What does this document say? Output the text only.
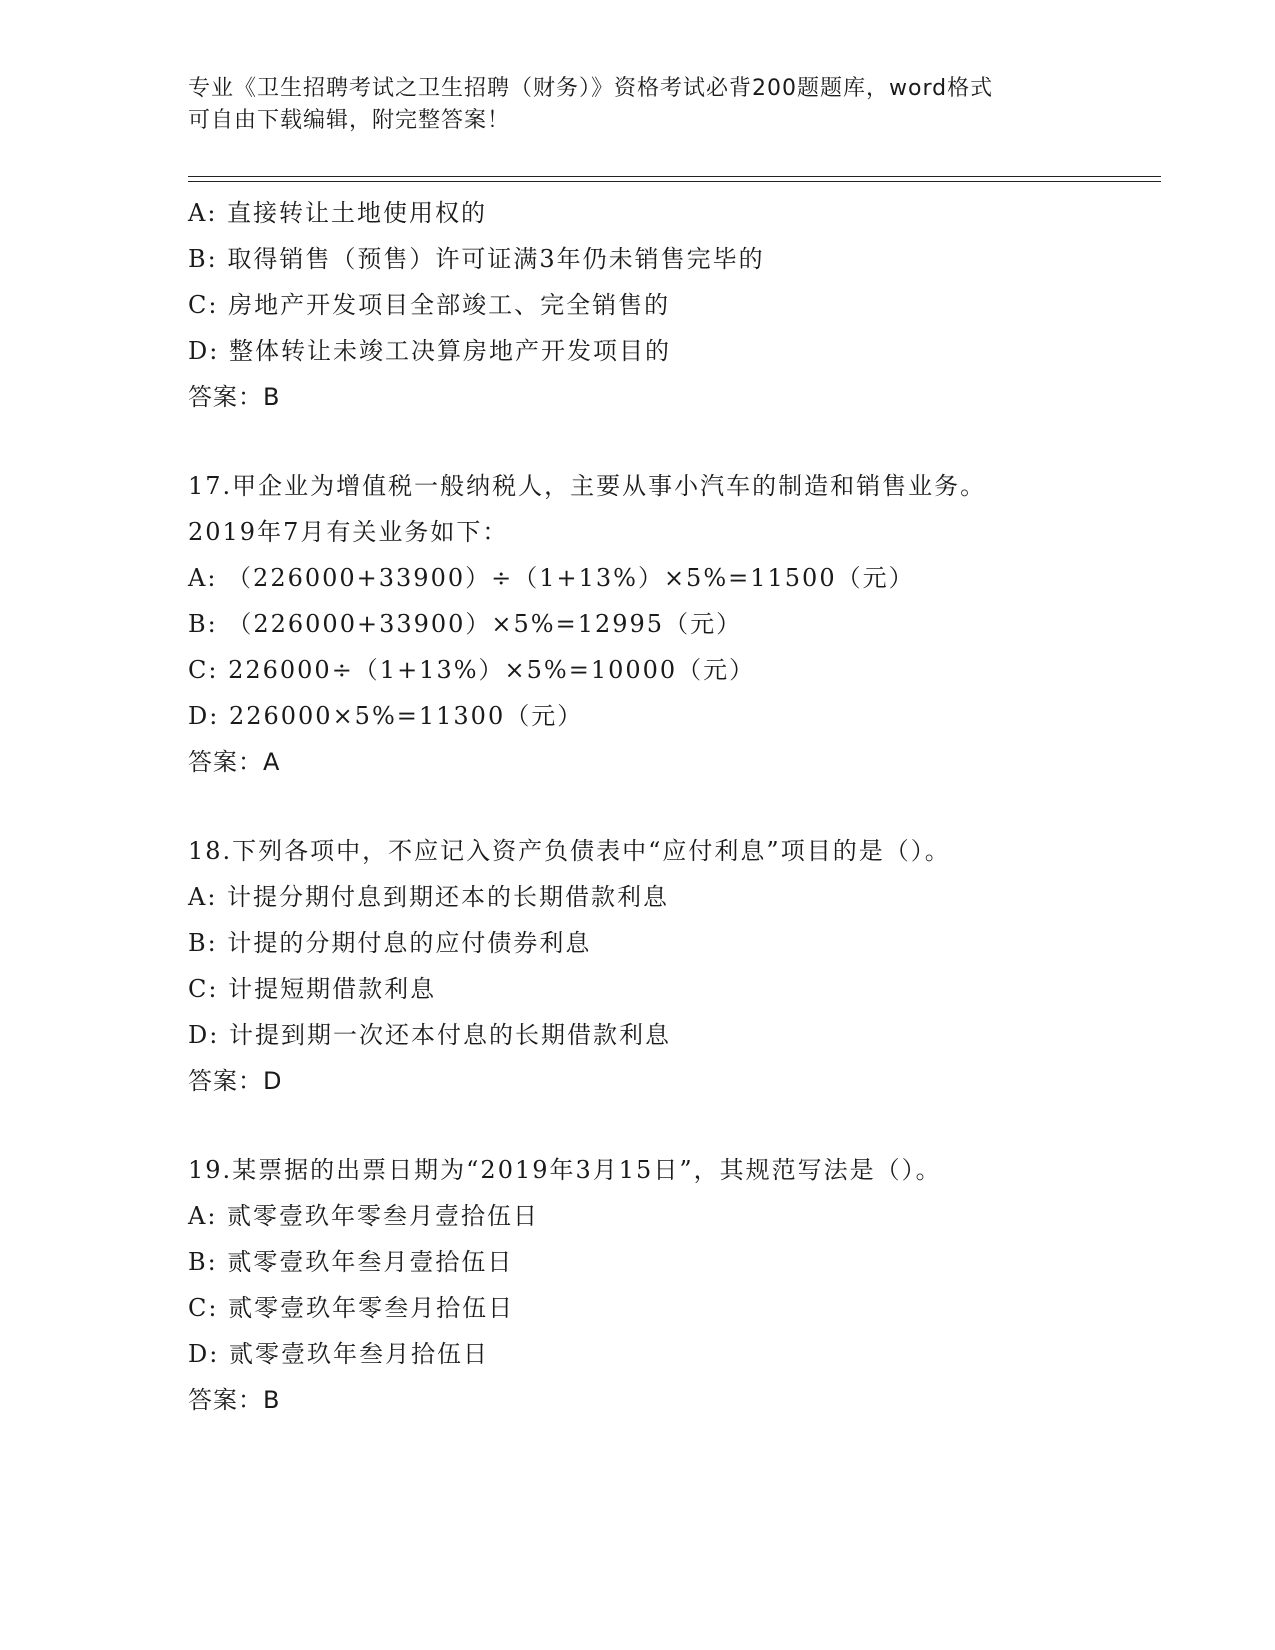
专业《卫生招聘考试之卫生招聘（财务）》资格考试必背200题题库，word格式
可自由下载编辑，附完整答案！
A: 直接转让土地使用权的
B: 取得销售（预售）许可证满3年仍未销售完毕的
C: 房地产开发项目全部竣工、完全销售的
D: 整体转让未竣工决算房地产开发项目的
答案：B
17.甲企业为增值税一般纳税人，主要从事小汽车的制造和销售业务。
2019年7月有关业务如下：
A: （226000+33900）÷（1+13%）×5%=11500（元）
B: （226000+33900）×5%=12995（元）
C: 226000÷（1+13%）×5%=10000（元）
D: 226000×5%=11300（元）
答案：A
18.下列各项中，不应记入资产负债表中“应付利息”项目的是（）。
A: 计提分期付息到期还本的长期借款利息
B: 计提的分期付息的应付债券利息
C: 计提短期借款利息
D: 计提到期一次还本付息的长期借款利息
答案：D
19.某票据的出票日期为“2019年3月15日”，其规范写法是（）。
A: 贰零壹玖年零叁月壹拾伍日
B: 贰零壹玖年叁月壹拾伍日
C: 贰零壹玖年零叁月拾伍日
D: 贰零壹玖年叁月拾伍日
答案：B
